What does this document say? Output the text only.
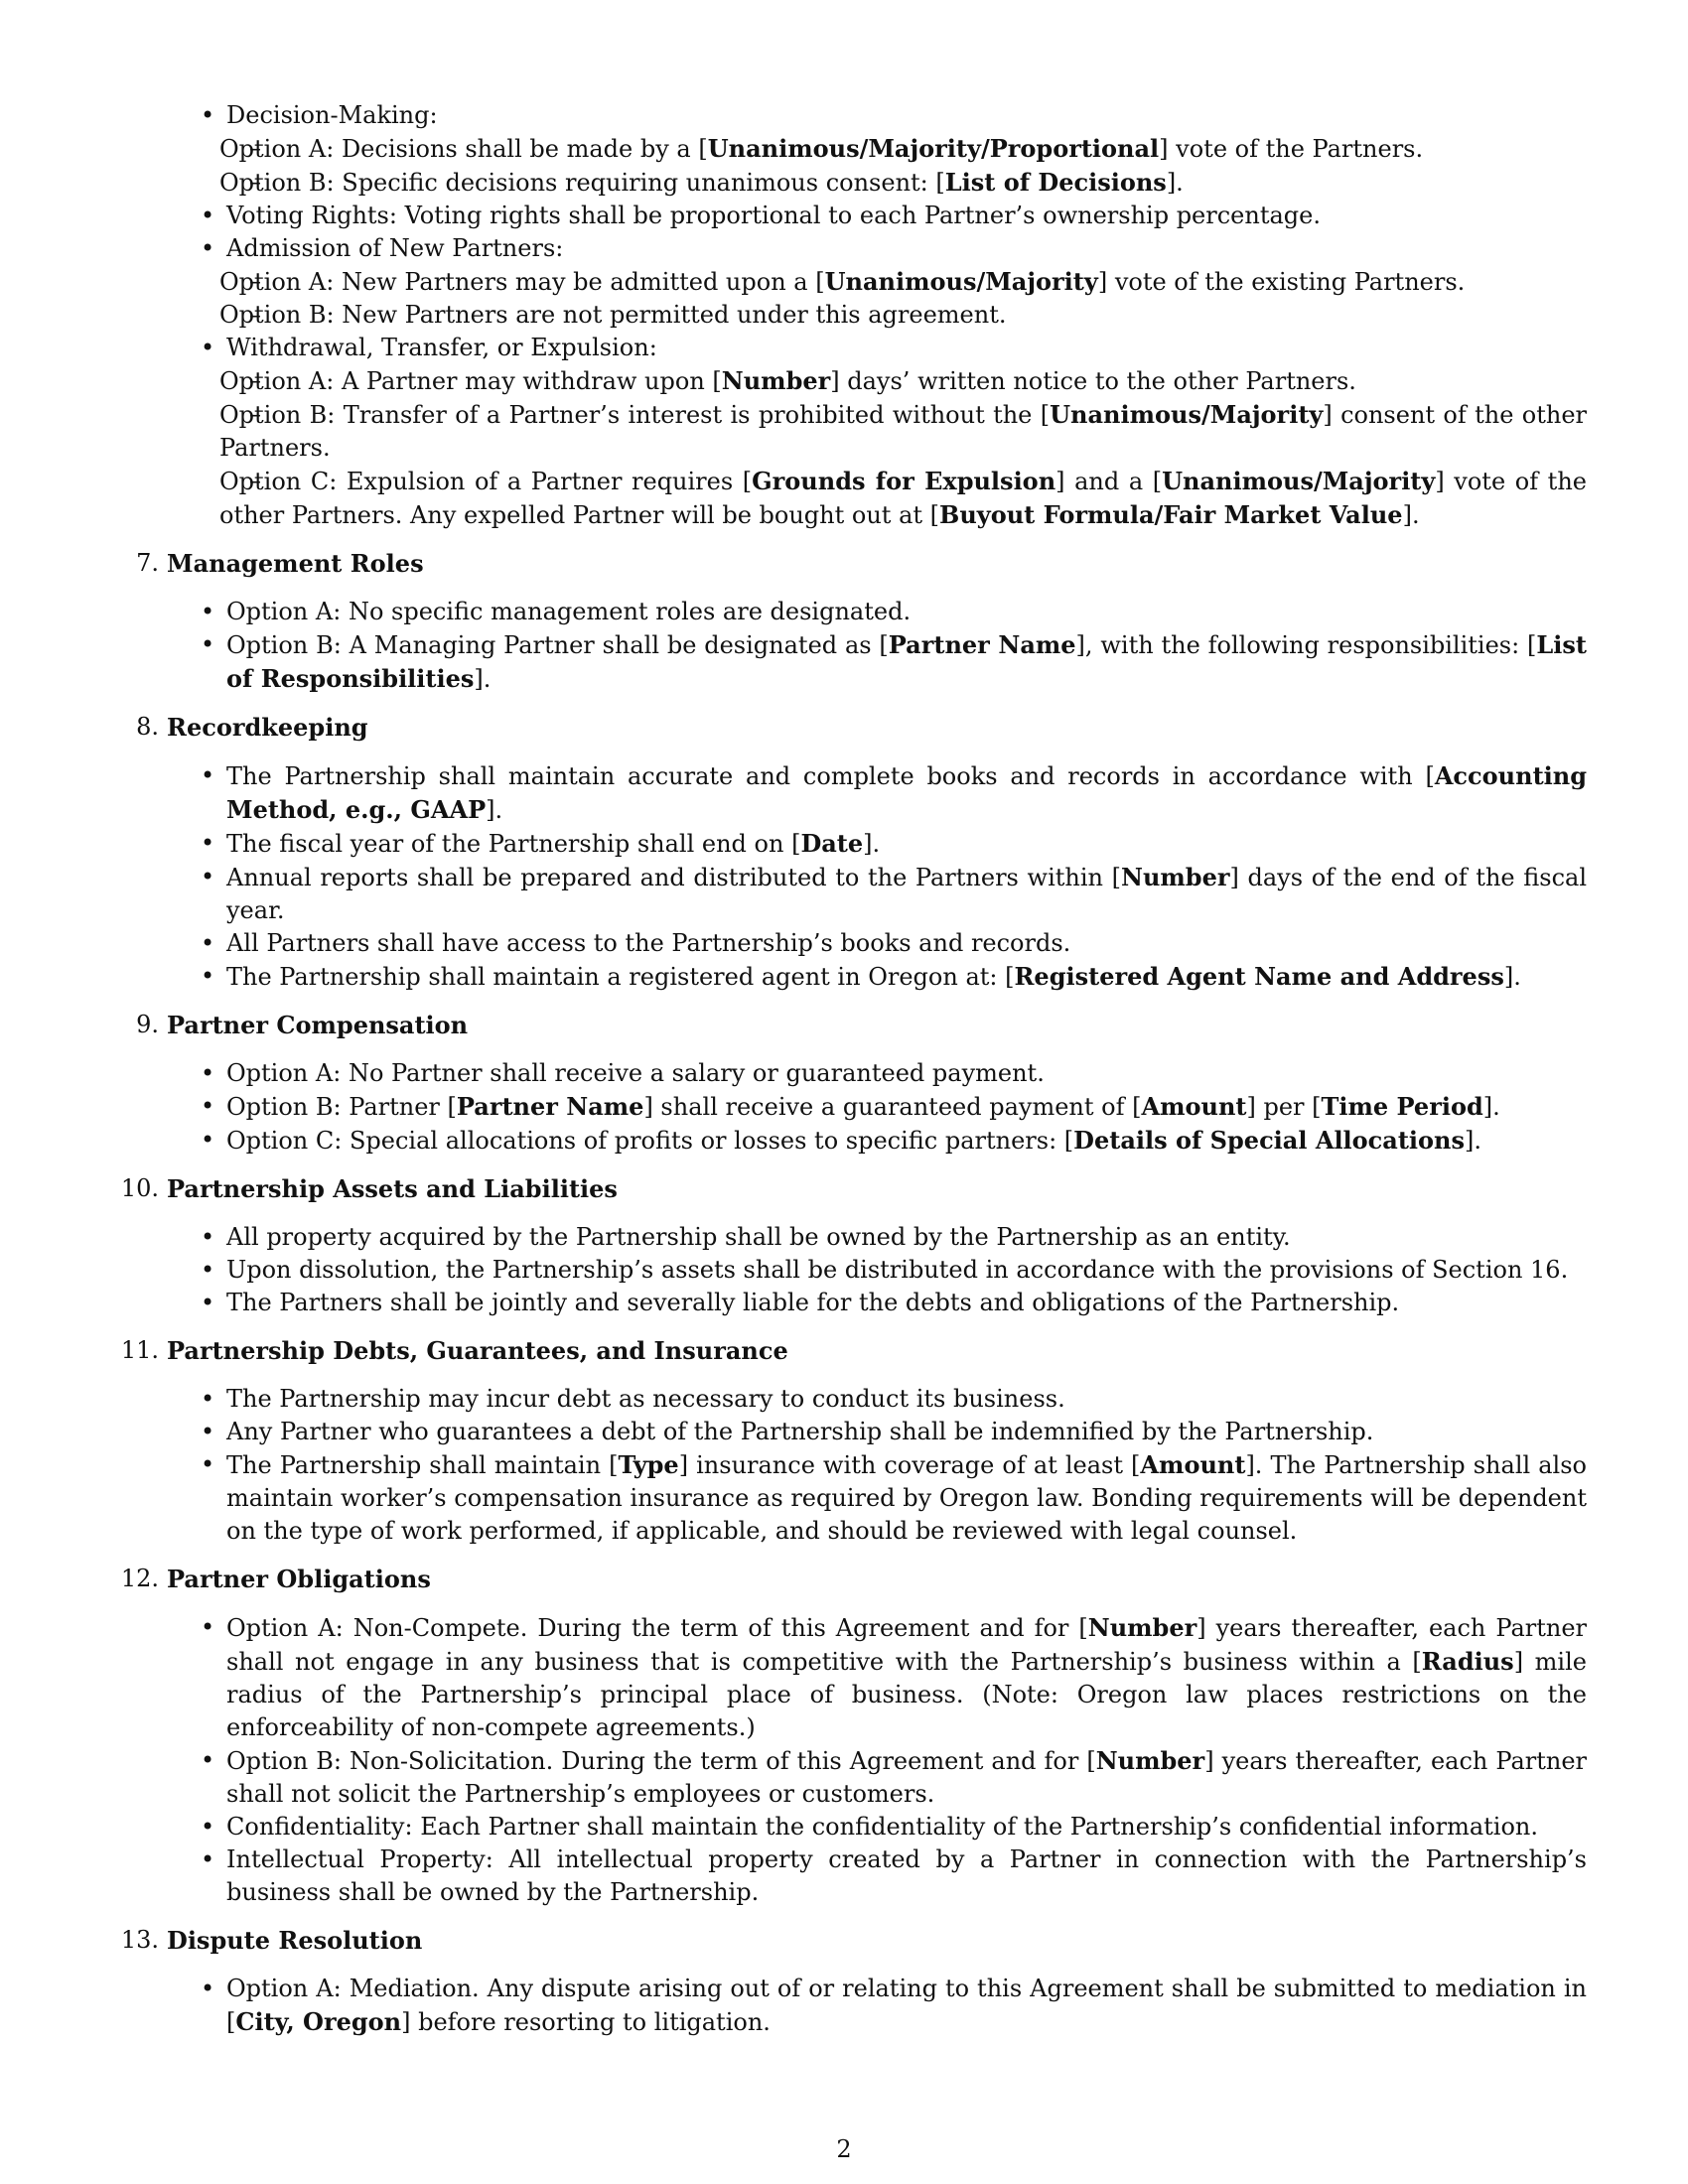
• Decision-Making:
– Option A: Decisions shall be made by a [Unanimous/Majority/Proportional] vote of the Partners.
– Option B: Specific decisions requiring unanimous consent: [List of Decisions].
• Voting Rights: Voting rights shall be proportional to each Partner’s ownership percentage.
• Admission of New Partners:
– Option A: New Partners may be admitted upon a [Unanimous/Majority] vote of the existing Partners.
– Option B: New Partners are not permitted under this agreement.
• Withdrawal, Transfer, or Expulsion:
– Option A: A Partner may withdraw upon [Number] days’ written notice to the other Partners.
– Option B: Transfer of a Partner’s interest is prohibited without the [Unanimous/Majority] consent of the other Partners.
– Option C: Expulsion of a Partner requires [Grounds for Expulsion] and a [Unanimous/Majority] vote of the other Partners. Any expelled Partner will be bought out at [Buyout Formula/Fair Market Value].
7. Management Roles
• Option A: No specific management roles are designated.
• Option B: A Managing Partner shall be designated as [Partner Name], with the following responsibilities: [List of Responsibilities].
8. Recordkeeping
• The Partnership shall maintain accurate and complete books and records in accordance with [Accounting Method, e.g., GAAP].
• The fiscal year of the Partnership shall end on [Date].
• Annual reports shall be prepared and distributed to the Partners within [Number] days of the end of the fiscal year.
• All Partners shall have access to the Partnership’s books and records.
• The Partnership shall maintain a registered agent in Oregon at: [Registered Agent Name and Address].
9. Partner Compensation
• Option A: No Partner shall receive a salary or guaranteed payment.
• Option B: Partner [Partner Name] shall receive a guaranteed payment of [Amount] per [Time Period].
• Option C: Special allocations of profits or losses to specific partners: [Details of Special Allocations].
10. Partnership Assets and Liabilities
• All property acquired by the Partnership shall be owned by the Partnership as an entity.
• Upon dissolution, the Partnership’s assets shall be distributed in accordance with the provisions of Section 16.
• The Partners shall be jointly and severally liable for the debts and obligations of the Partnership.
11. Partnership Debts, Guarantees, and Insurance
• The Partnership may incur debt as necessary to conduct its business.
• Any Partner who guarantees a debt of the Partnership shall be indemnified by the Partnership.
• The Partnership shall maintain [Type] insurance with coverage of at least [Amount]. The Partnership shall also maintain worker’s compensation insurance as required by Oregon law. Bonding requirements will be dependent on the type of work performed, if applicable, and should be reviewed with legal counsel.
12. Partner Obligations
• Option A: Non-Compete. During the term of this Agreement and for [Number] years thereafter, each Partner shall not engage in any business that is competitive with the Partnership’s business within a [Radius] mile radius of the Partnership’s principal place of business. (Note: Oregon law places restrictions on the enforceability of non-compete agreements.)
• Option B: Non-Solicitation. During the term of this Agreement and for [Number] years thereafter, each Partner shall not solicit the Partnership’s employees or customers.
• Confidentiality: Each Partner shall maintain the confidentiality of the Partnership’s confidential information.
• Intellectual Property: All intellectual property created by a Partner in connection with the Partnership’s business shall be owned by the Partnership.
13. Dispute Resolution
• Option A: Mediation. Any dispute arising out of or relating to this Agreement shall be submitted to mediation in [City, Oregon] before resorting to litigation.
2
